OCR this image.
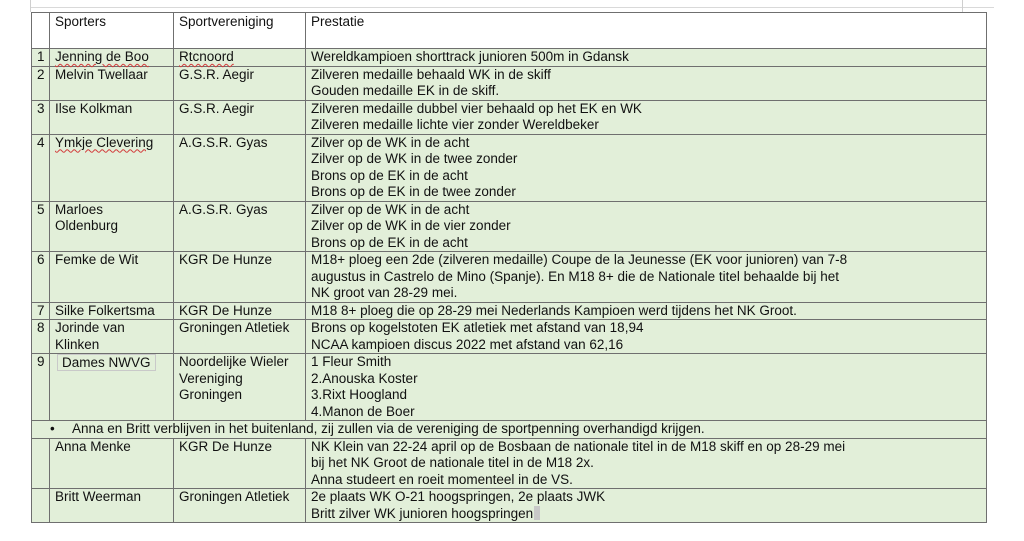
	Sporters	Sportvereniging	Prestatie
1	Jenning de Boo	Rtcnoord	Wereldkampioen shorttrack junioren 500m in Gdansk

2	Melvin Twellaar	G.S.R. Aegir	Zilveren medaille behaald WK in de skiff
Gouden medaille EK in de skiff.

3	Ilse Kolkman	G.S.R. Aegir	Zilveren medaille dubbel vier behaald op het EK en WK
Zilveren medaille lichte vier zonder Wereldbeker

4	Ymkje Clevering	A.G.S.R. Gyas	Zilver op de WK in de acht
Zilver op de WK in de twee zonder
Brons op de EK in de acht
Brons op de EK in de twee zonder

5	Marloes
Oldenburg	A.G.S.R. Gyas	Zilver op de WK in de acht
Zilver op de WK in de vier zonder
Brons op de EK in de acht

6	Femke de Wit	KGR De Hunze	M18+ ploeg een 2de (zilveren medaille) Coupe de la Jeunesse (EK voor junioren) van 7-8
augustus in Castrelo de Mino (Spanje). En M18 8+ die de Nationale titel behaalde bij het
NK groot van 28-29 mei.

7	Silke Folkertsma	KGR De Hunze	M18 8+ ploeg die op 28-29 mei Nederlands Kampioen werd tijdens het NK Groot.

8	Jorinde van
Klinken	Groningen Atletiek	Brons op kogelstoten EK atletiek met afstand van 18,94
NCAA kampioen discus 2022 met afstand van 62,16

9	Dames NWVG	Noordelijke Wieler
Vereniging
Groningen	1 Fleur Smith
2.Anouska Koster
3.Rixt Hoogland
4.Manon de Boer

• Anna en Britt verblijven in het buitenland, zij zullen via de vereniging de sportpenning overhandigd krijgen.			

	Anna Menke	KGR De Hunze	NK Klein van 22-24 april op de Bosbaan de nationale titel in de M18 skiff en op 28-29 mei
bij het NK Groot de nationale titel in de M18 2x.
Anna studeert en roeit momenteel in de VS.

	Britt Weerman	Groningen Atletiek	2e plaats WK O-21 hoogspringen, 2e plaats JWK
Britt zilver WK junioren hoogspringen
